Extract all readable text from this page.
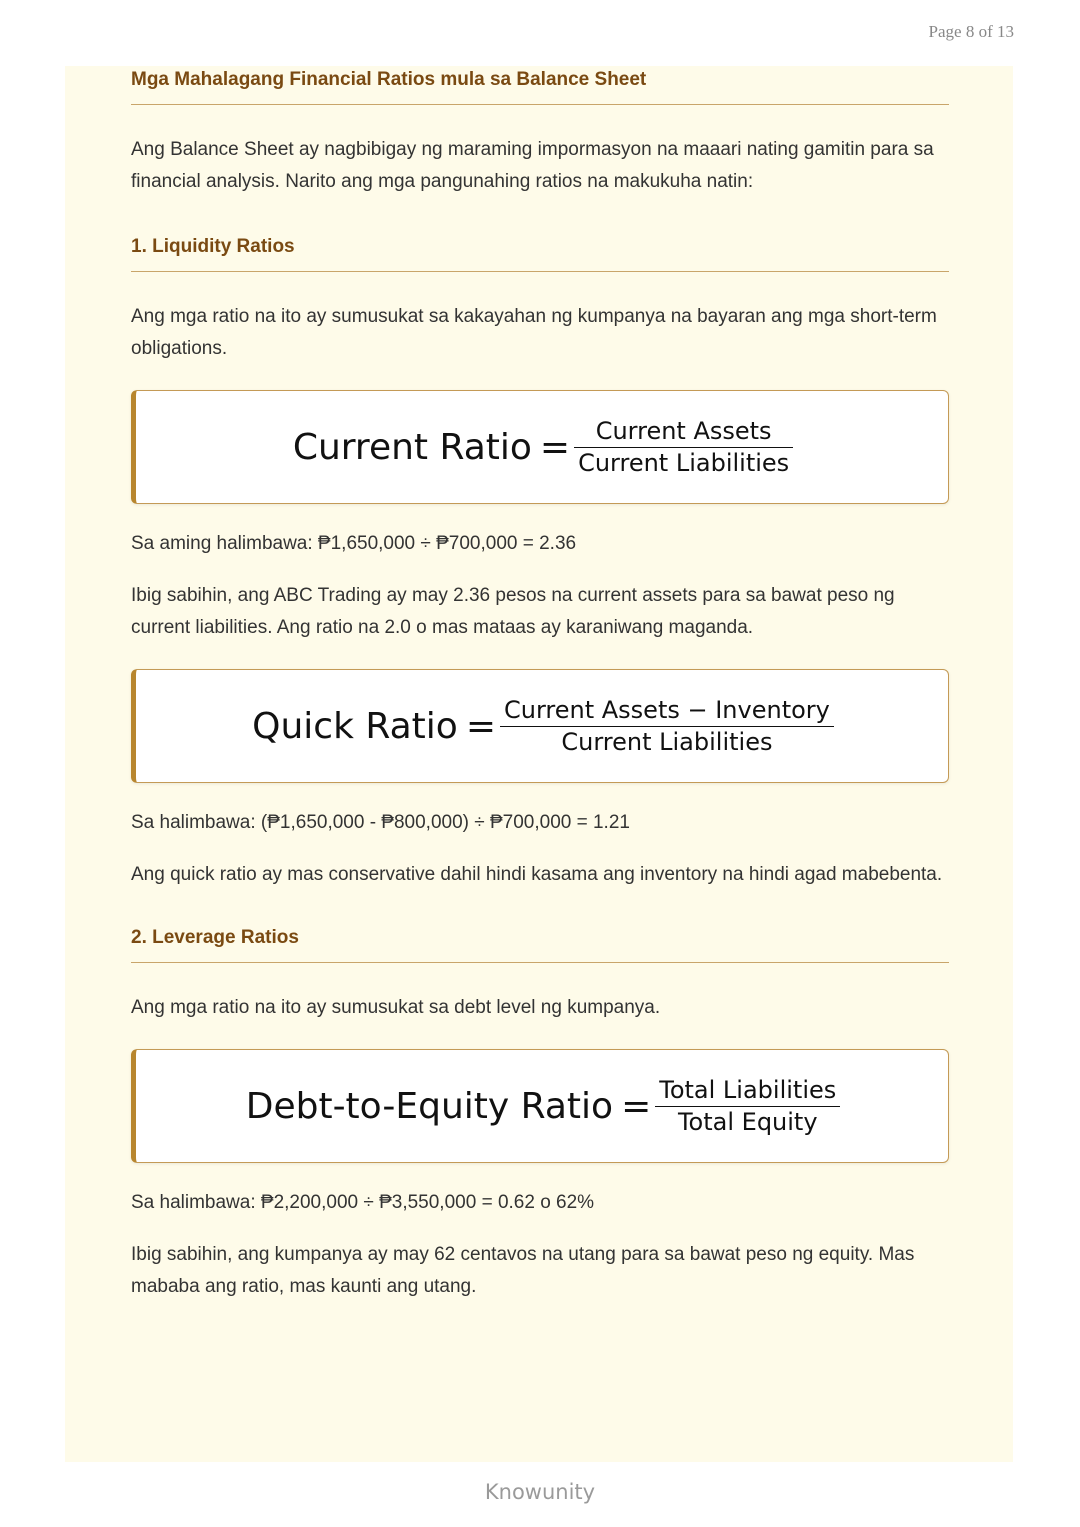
Page 8 of 13
Mga Mahalagang Financial Ratios mula sa Balance Sheet

Ang Balance Sheet ay nagbibigay ng maraming impormasyon na maaari nating gamitin para sa financial analysis. Narito ang mga pangunahing ratios na makukuha natin:

1. Liquidity Ratios

Ang mga ratio na ito ay sumusukat sa kakayahan ng kumpanya na bayaran ang mga short-term obligations.

Current Ratio = $\frac{\text{Current Assets}}{\text{Current Liabilities}}$

Sa aming halimbawa: ₱1,650,000 ÷ ₱700,000 = 2.36

Ibig sabihin, ang ABC Trading ay may 2.36 pesos na current assets para sa bawat peso ng current liabilities. Ang ratio na 2.0 o mas mataas ay karaniwang maganda.

Quick Ratio = $\frac{\text{Current Assets − Inventory}}{\text{Current Liabilities}}$

Sa halimbawa: (₱1,650,000 - ₱800,000) ÷ ₱700,000 = 1.21

Ang quick ratio ay mas conservative dahil hindi kasama ang inventory na hindi agad mabebenta.

2. Leverage Ratios

Ang mga ratio na ito ay sumusukat sa debt level ng kumpanya.

Debt-to-Equity Ratio = $\frac{\text{Total Liabilities}}{\text{Total Equity}}$

Sa halimbawa: ₱2,200,000 ÷ ₱3,550,000 = 0.62 o 62%

Ibig sabihin, ang kumpanya ay may 62 centavos na utang para sa bawat peso ng equity. Mas mababa ang ratio, mas kaunti ang utang.

Knowunity
